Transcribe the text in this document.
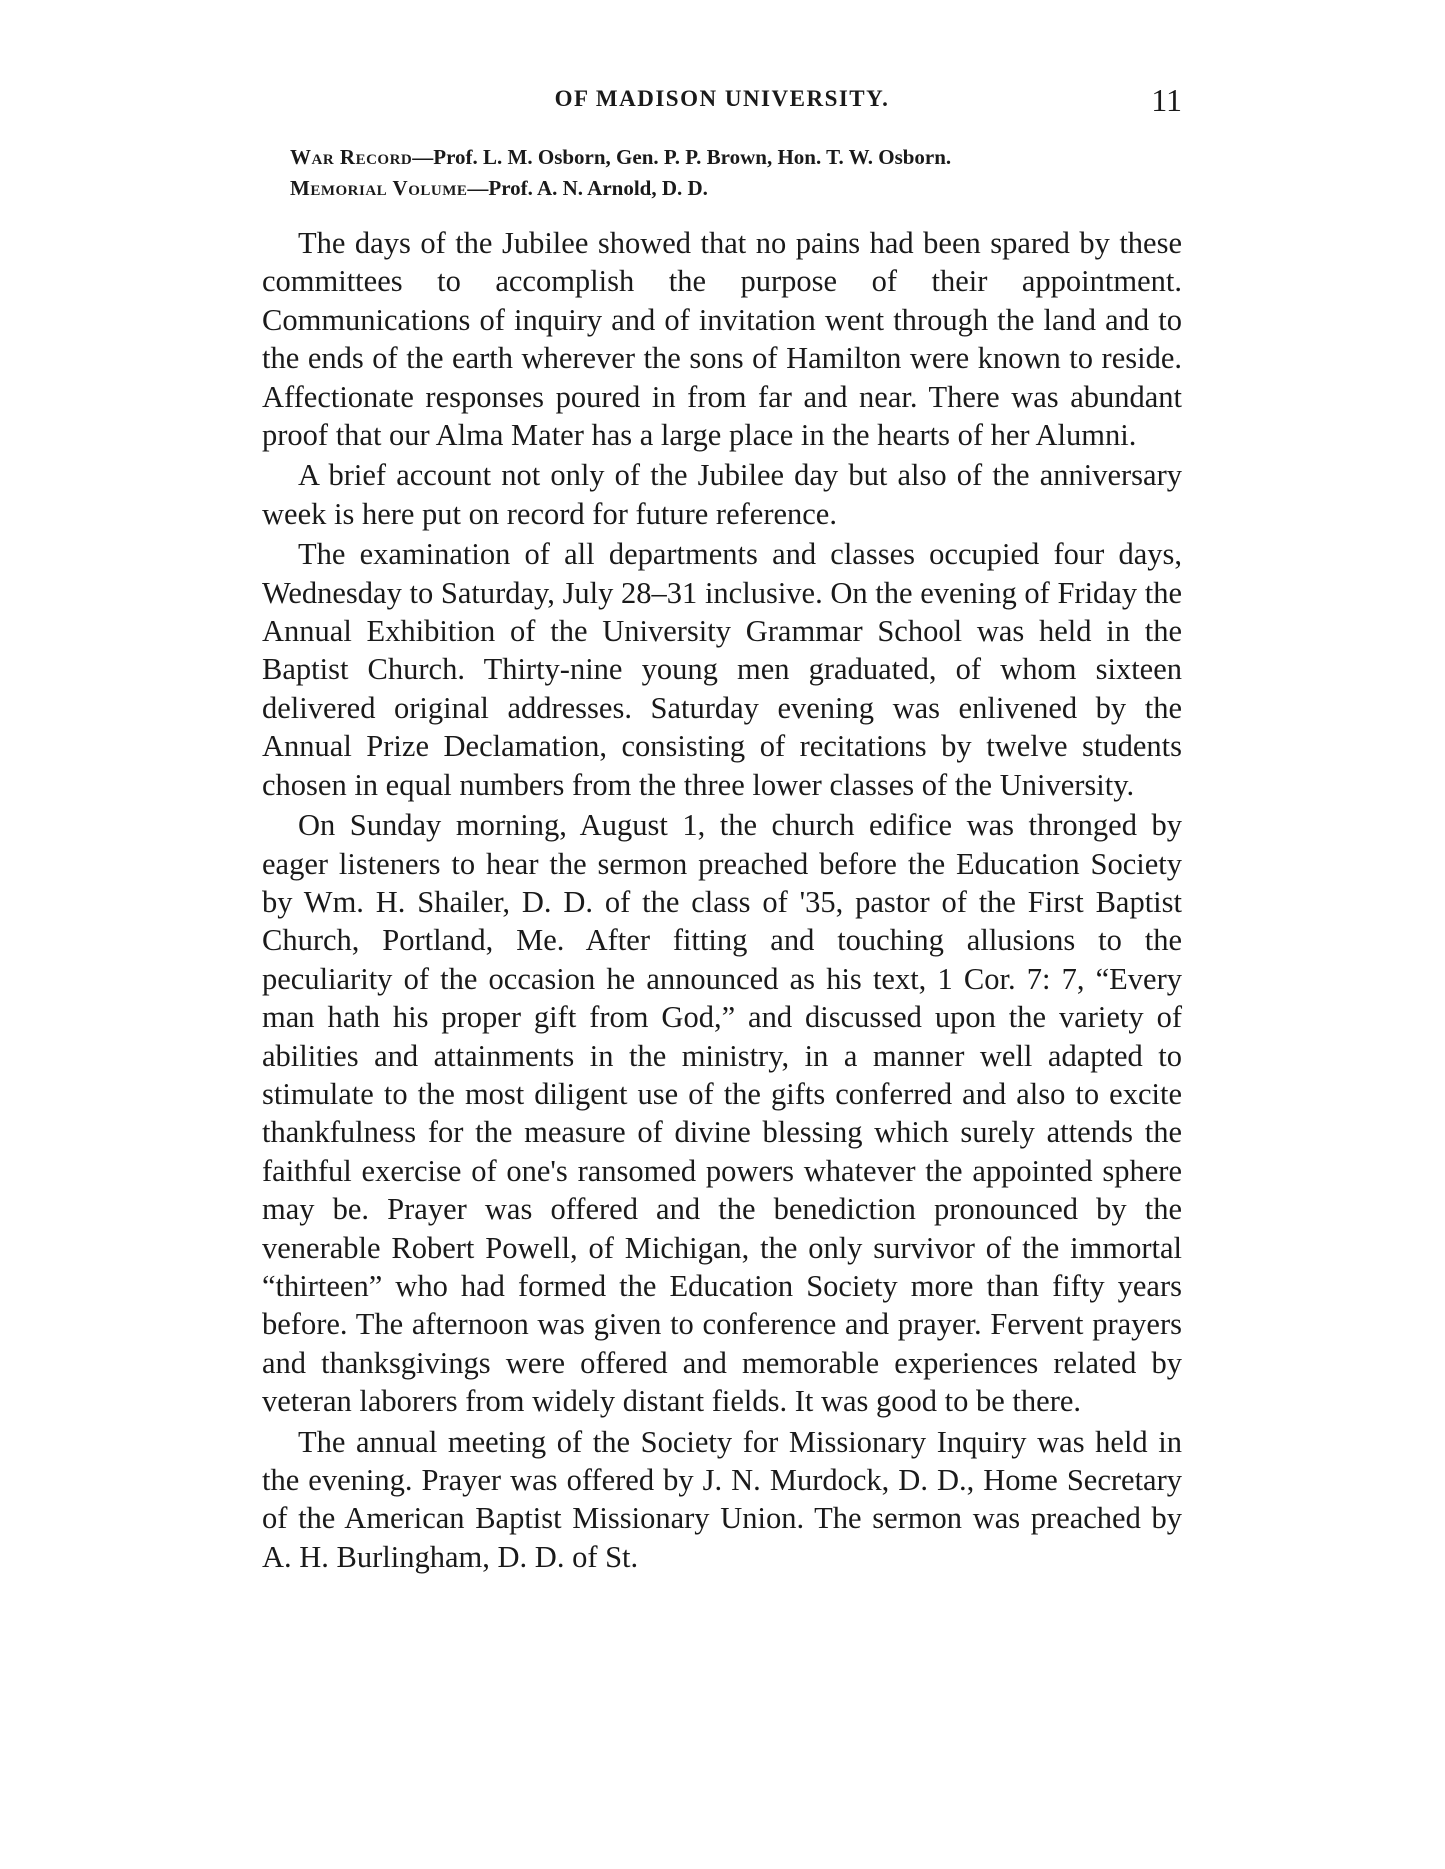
OF MADISON UNIVERSITY.	11

War Record—Prof. L. M. Osborn, Gen. P. P. Brown, Hon. T. W. Osborn.

Memorial Volume—Prof. A. N. Arnold, D. D.

The days of the Jubilee showed that no pains had been spared by these committees to accomplish the purpose of their appointment. Communications of inquiry and of invitation went through the land and to the ends of the earth wherever the sons of Hamilton were known to reside. Affectionate responses poured in from far and near. There was abundant proof that our Alma Mater has a large place in the hearts of her Alumni.

A brief account not only of the Jubilee day but also of the anniversary week is here put on record for future reference.

The examination of all departments and classes occupied four days, Wednesday to Saturday, July 28–31 inclusive. On the evening of Friday the Annual Exhibition of the University Grammar School was held in the Baptist Church. Thirty-nine young men graduated, of whom sixteen delivered original addresses. Saturday evening was enlivened by the Annual Prize Declamation, consisting of recitations by twelve students chosen in equal numbers from the three lower classes of the University.

On Sunday morning, August 1, the church edifice was thronged by eager listeners to hear the sermon preached before the Education Society by Wm. H. Shailer, D. D. of the class of '35, pastor of the First Baptist Church, Portland, Me. After fitting and touching allusions to the peculiarity of the occasion he announced as his text, 1 Cor. 7: 7, “Every man hath his proper gift from God,” and discussed upon the variety of abilities and attainments in the ministry, in a manner well adapted to stimulate to the most diligent use of the gifts conferred and also to excite thankfulness for the measure of divine blessing which surely attends the faithful exercise of one's ransomed powers whatever the appointed sphere may be. Prayer was offered and the benediction pronounced by the venerable Robert Powell, of Michigan, the only survivor of the immortal “thirteen” who had formed the Education Society more than fifty years before. The afternoon was given to conference and prayer. Fervent prayers and thanksgivings were offered and memorable experiences related by veteran laborers from widely distant fields. It was good to be there.

The annual meeting of the Society for Missionary Inquiry was held in the evening. Prayer was offered by J. N. Murdock, D. D., Home Secretary of the American Baptist Missionary Union. The sermon was preached by A. H. Burlingham, D. D. of St.
